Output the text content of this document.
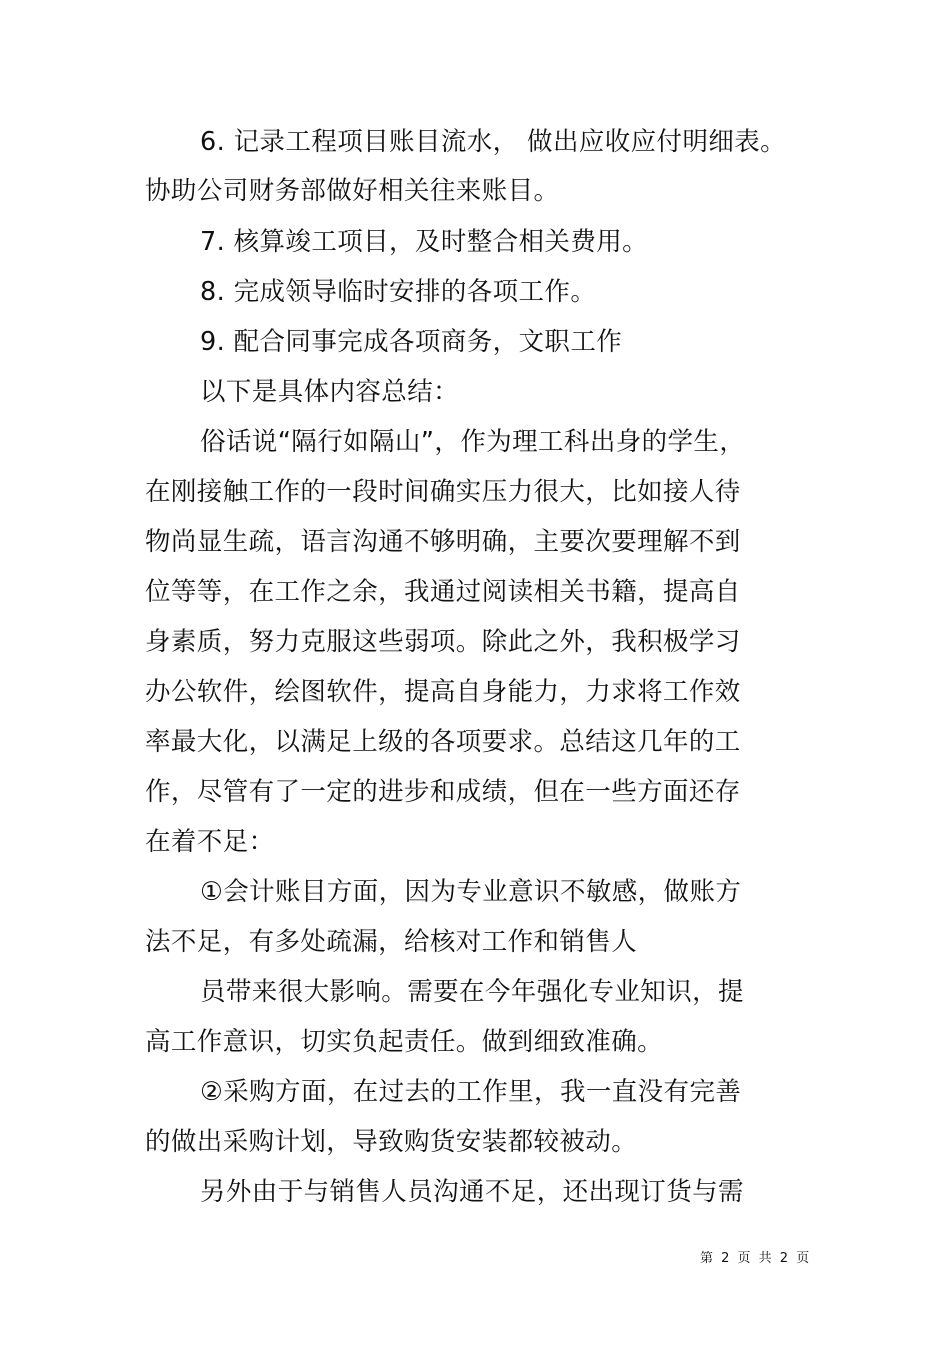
6. 记录工程项目账目流水， 做出应收应付明细表。
协助公司财务部做好相关往来账目。
7. 核算竣工项目，及时整合相关费用。
8. 完成领导临时安排的各项工作。
9. 配合同事完成各项商务，文职工作
以下是具体内容总结：
俗话说“隔行如隔山”，作为理工科出身的学生，
在刚接触工作的一段时间确实压力很大，比如接人待
物尚显生疏，语言沟通不够明确，主要次要理解不到
位等等，在工作之余，我通过阅读相关书籍，提高自
身素质，努力克服这些弱项。除此之外，我积极学习
办公软件，绘图软件，提高自身能力，力求将工作效
率最大化，以满足上级的各项要求。总结这几年的工
作，尽管有了一定的进步和成绩，但在一些方面还存
在着不足：
①会计账目方面，因为专业意识不敏感，做账方
法不足，有多处疏漏，给核对工作和销售人
员带来很大影响。需要在今年强化专业知识，提
高工作意识，切实负起责任。做到细致准确。
②采购方面，在过去的工作里，我一直没有完善
的做出采购计划，导致购货安装都较被动。
另外由于与销售人员沟通不足，还出现订货与需
第 2 页 共 2 页
